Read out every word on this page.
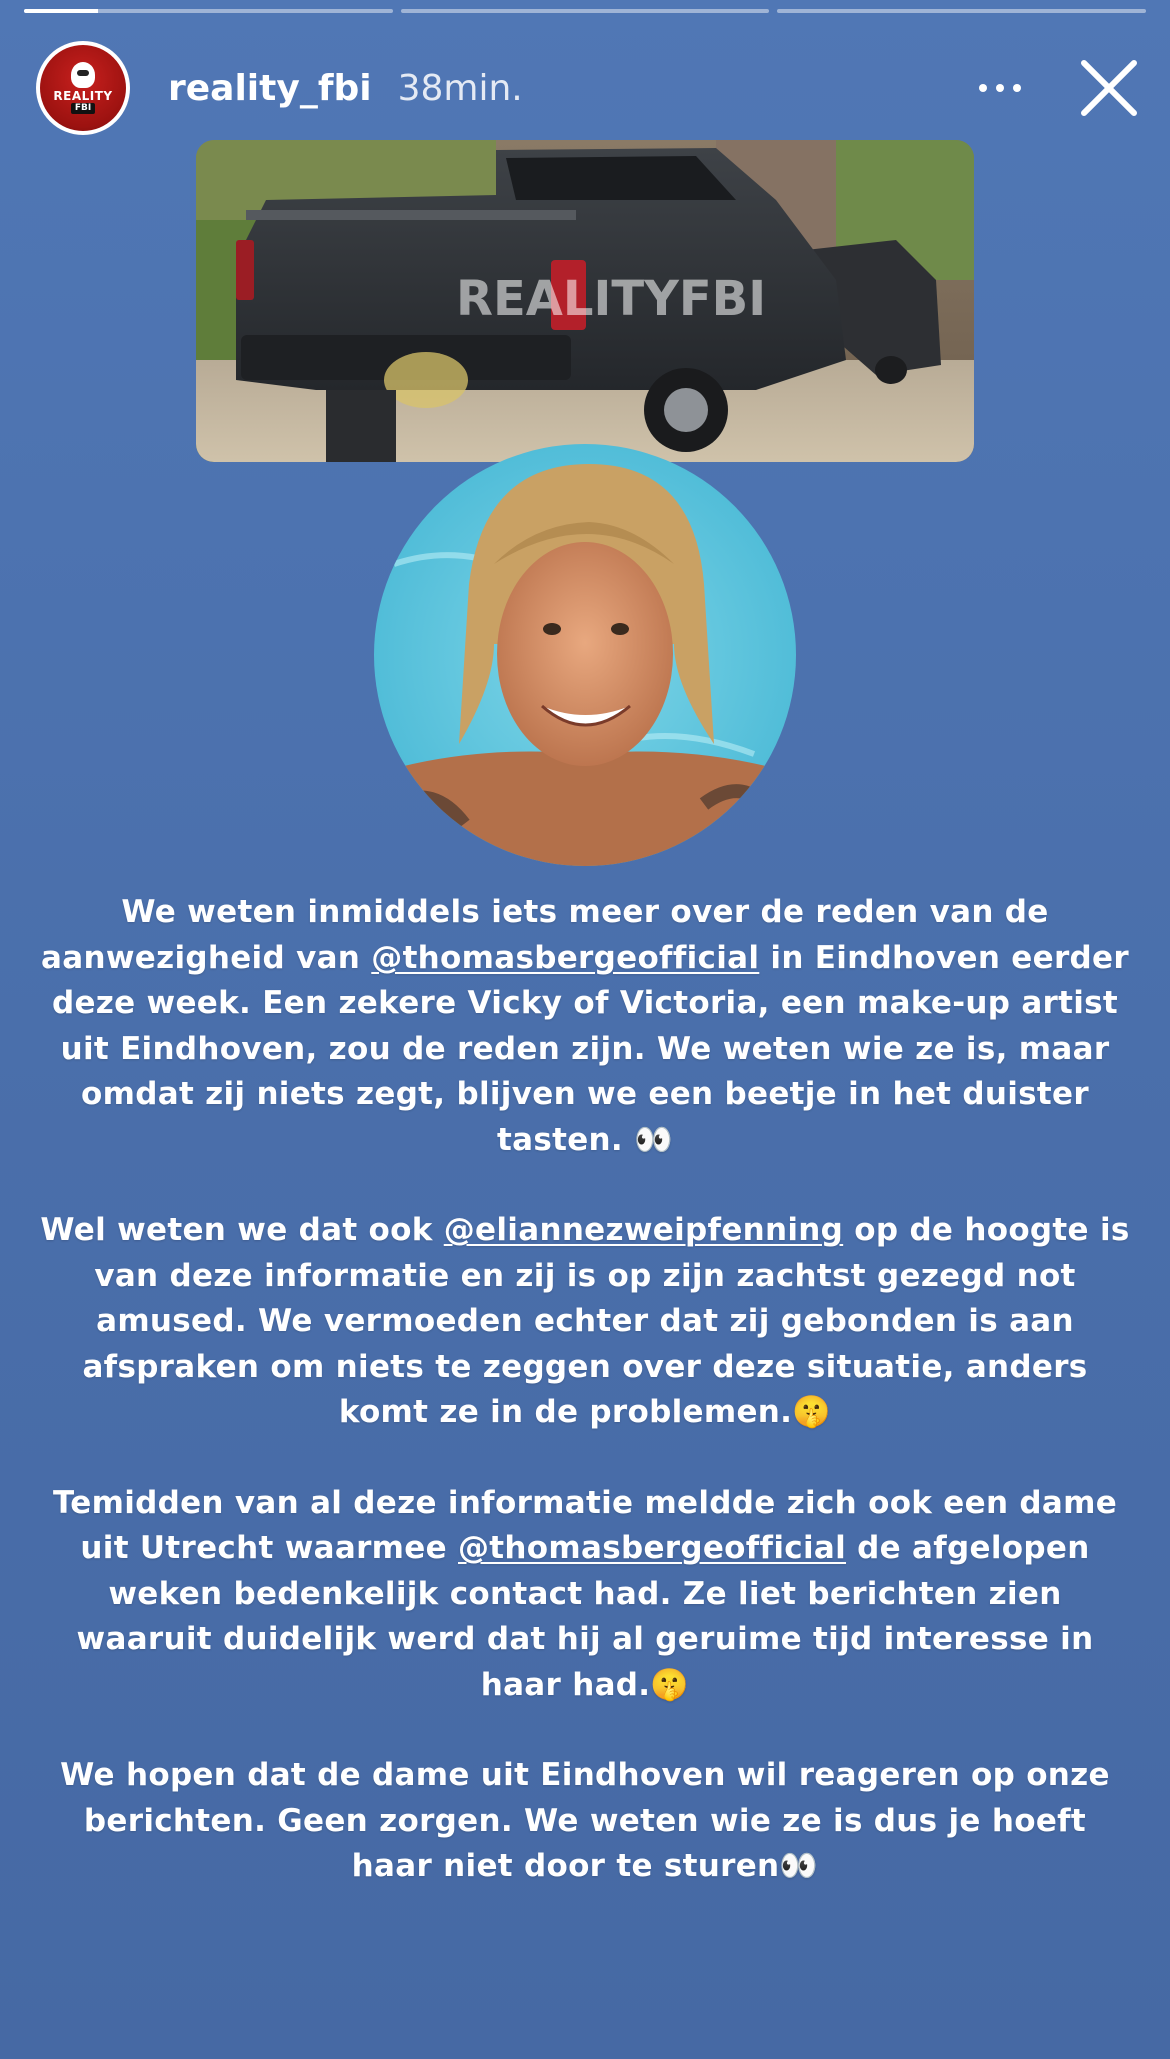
REALITY
FBI reality_fbi 38min.
REALITYFBI

We weten inmiddels iets meer over de reden van de aanwezigheid van @thomasbergeofficial in Eindhoven eerder deze week. Een zekere Vicky of Victoria, een make-up artist uit Eindhoven, zou de reden zijn. We weten wie ze is, maar omdat zij niets zegt, blijven we een beetje in het duister tasten. 👀

Wel weten we dat ook @eliannezweipfenning op de hoogte is van deze informatie en zij is op zijn zachtst gezegd not amused. We vermoeden echter dat zij gebonden is aan afspraken om niets te zeggen over deze situatie, anders komt ze in de problemen.🤫

Temidden van al deze informatie meldde zich ook een dame uit Utrecht waarmee @thomasbergeofficial de afgelopen weken bedenkelijk contact had. Ze liet berichten zien waaruit duidelijk werd dat hij al geruime tijd interesse in haar had.🤫

We hopen dat de dame uit Eindhoven wil reageren op onze berichten. Geen zorgen. We weten wie ze is dus je hoeft haar niet door te sturen👀
